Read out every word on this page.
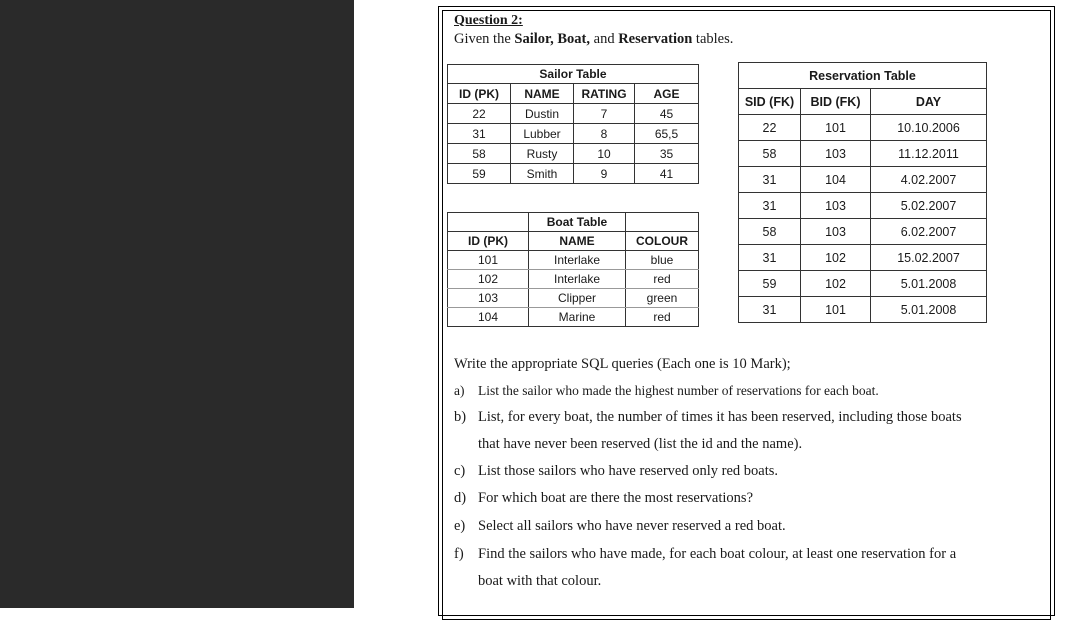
Question 2:
Given the Sailor, Boat, and Reservation tables.
Sailor Table			
ID (PK)	NAME	RATING	AGE
22	Dustin	7	45
31	Lubber	8	65,5
58	Rusty	10	35
59	Smith	9	41
	Boat Table	
ID (PK)	NAME	COLOUR
101	Interlake	blue
102	Interlake	red
103	Clipper	green
104	Marine	red
Reservation Table		
SID (FK)	BID (FK)	DAY
22	101	10.10.2006
58	103	11.12.2011
31	104	4.02.2007
31	103	5.02.2007
58	103	6.02.2007
31	102	15.02.2007
59	102	5.01.2008
31	101	5.01.2008
Write the appropriate SQL queries (Each one is 10 Mark);
a) List the sailor who made the highest number of reservations for each boat.
b) List, for every boat, the number of times it has been reserved, including those boats
that have never been reserved (list the id and the name).
c) List those sailors who have reserved only red boats.
d) For which boat are there the most reservations?
e) Select all sailors who have never reserved a red boat.
f) Find the sailors who have made, for each boat colour, at least one reservation for a
boat with that colour.
